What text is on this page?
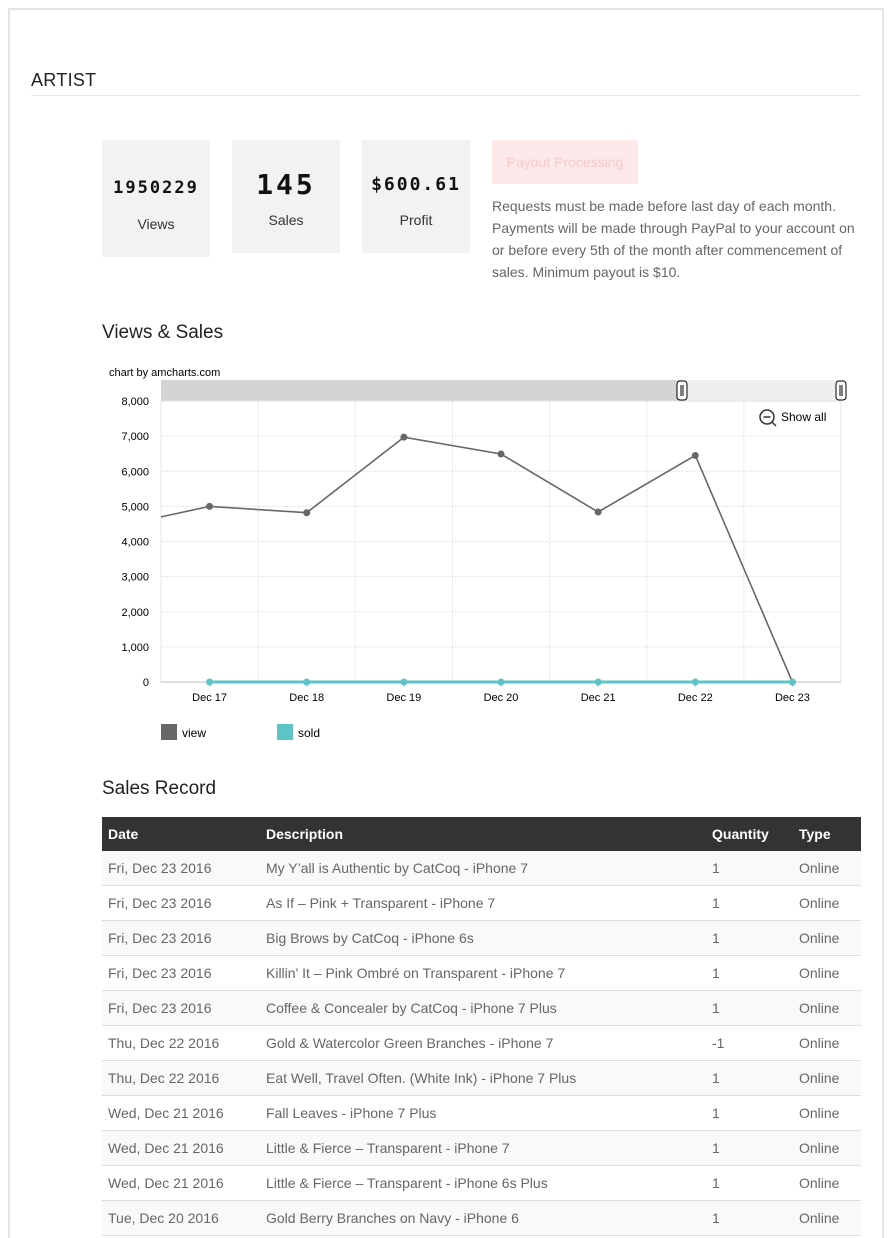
ARTIST
1950229
Views
145
Sales
$600.61
Profit
Payout Processing
Requests must be made before last day of each month. Payments will be made through PayPal to your account on or before every 5th of the month after commencement of sales. Minimum payout is $10.
Views & Sales
chart by amcharts.com
0
1,000
2,000
3,000
4,000
5,000
6,000
7,000
8,000
Dec 17	Dec 18	Dec 19	Dec 20	Dec 21	Dec 22	Dec 23
Show all
view	sold
Sales Record
Date	Description	Quantity	Type
Fri, Dec 23 2016	My Y’all is Authentic by CatCoq - iPhone 7	1	Online
Fri, Dec 23 2016	As If – Pink + Transparent - iPhone 7	1	Online
Fri, Dec 23 2016	Big Brows by CatCoq - iPhone 6s	1	Online
Fri, Dec 23 2016	Killin' It – Pink Ombré on Transparent - iPhone 7	1	Online
Fri, Dec 23 2016	Coffee & Concealer by CatCoq - iPhone 7 Plus	1	Online
Thu, Dec 22 2016	Gold & Watercolor Green Branches - iPhone 7	-1	Online
Thu, Dec 22 2016	Eat Well, Travel Often. (White Ink) - iPhone 7 Plus	1	Online
Wed, Dec 21 2016	Fall Leaves - iPhone 7 Plus	1	Online
Wed, Dec 21 2016	Little & Fierce – Transparent - iPhone 7	1	Online
Wed, Dec 21 2016	Little & Fierce – Transparent - iPhone 6s Plus	1	Online
Tue, Dec 20 2016	Gold Berry Branches on Navy - iPhone 6	1	Online
